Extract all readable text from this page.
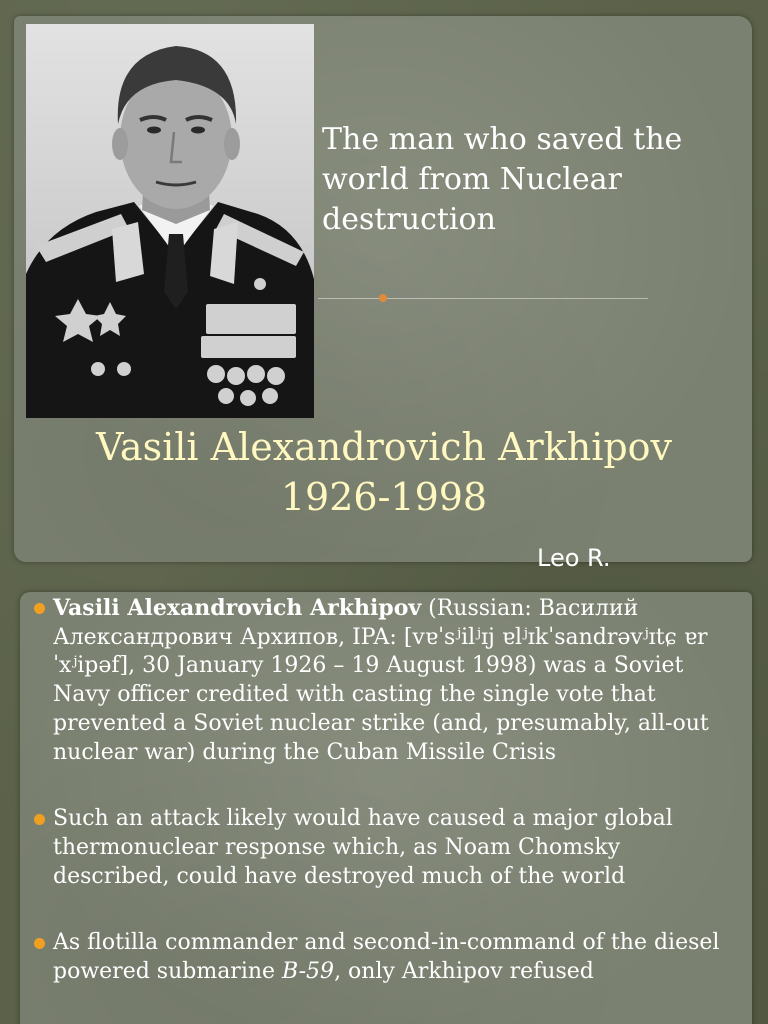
The man who saved the
world from Nuclear
destruction

Vasili Alexandrovich Arkhipov
1926-1998

Leo R.

Vasili Alexandrovich Arkhipov (Russian: Василий Александрович Архипов, IPA: [vɐˈsʲilʲɪj ɐlʲɪkˈsandrəvʲɪtɕ ɐrˈxʲipəf], 30 January 1926 – 19 August 1998) was a Soviet Navy officer credited with casting the single vote that prevented a Soviet nuclear strike (and, presumably, all-out nuclear war) during the Cuban Missile Crisis
Such an attack likely would have caused a major global thermonuclear response which, as Noam Chomsky described, could have destroyed much of the world
As flotilla commander and second-in-command of the diesel powered submarine B-59, only Arkhipov refused
